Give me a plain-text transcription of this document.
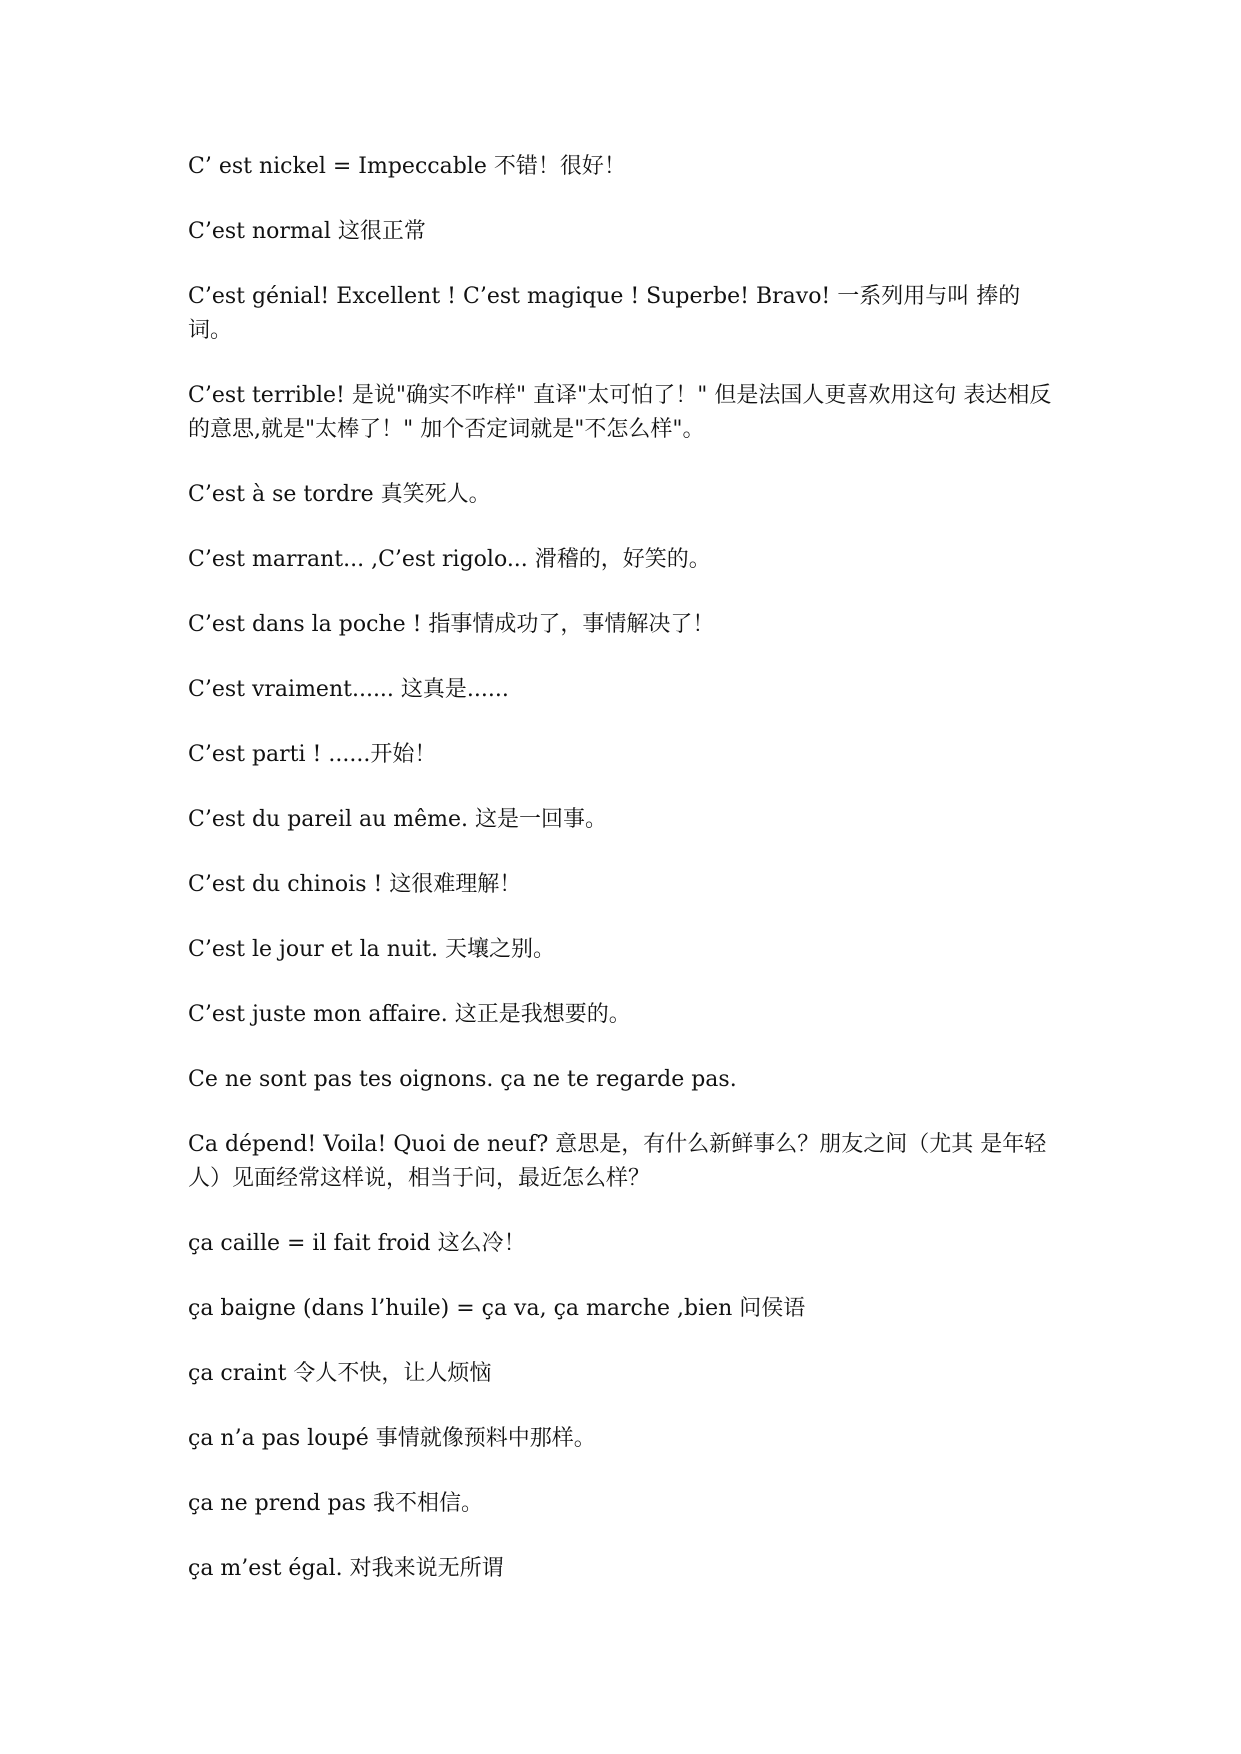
C’ est nickel = Impeccable 不错！很好！

C’est normal 这很正常

C’est génial! Excellent ! C’est magique ! Superbe! Bravo! 一系列用与叫 捧的词。

C’est terrible! 是说"确实不咋样" 直译"太可怕了！" 但是法国人更喜欢用这句 表达相反的意思,就是"太棒了！" 加个否定词就是"不怎么样"。

C’est à se tordre 真笑死人。

C’est marrant... ,C’est rigolo... 滑稽的，好笑的。

C’est dans la poche ! 指事情成功了，事情解决了！

C’est vraiment...... 这真是......

C’est parti ! ......开始！

C’est du pareil au même. 这是一回事。

C’est du chinois ! 这很难理解！

C’est le jour et la nuit. 天壤之别。

C’est juste mon affaire. 这正是我想要的。

Ce ne sont pas tes oignons. ça ne te regarde pas.

Ca dépend! Voila! Quoi de neuf? 意思是，有什么新鲜事么？朋友之间（尤其 是年轻人）见面经常这样说，相当于问，最近怎么样？

ça caille = il fait froid 这么冷！

ça baigne (dans l’huile) = ça va, ça marche ,bien 问侯语

ça craint 令人不快，让人烦恼

ça n’a pas loupé 事情就像预料中那样。

ça ne prend pas 我不相信。

ça m’est égal. 对我来说无所谓
